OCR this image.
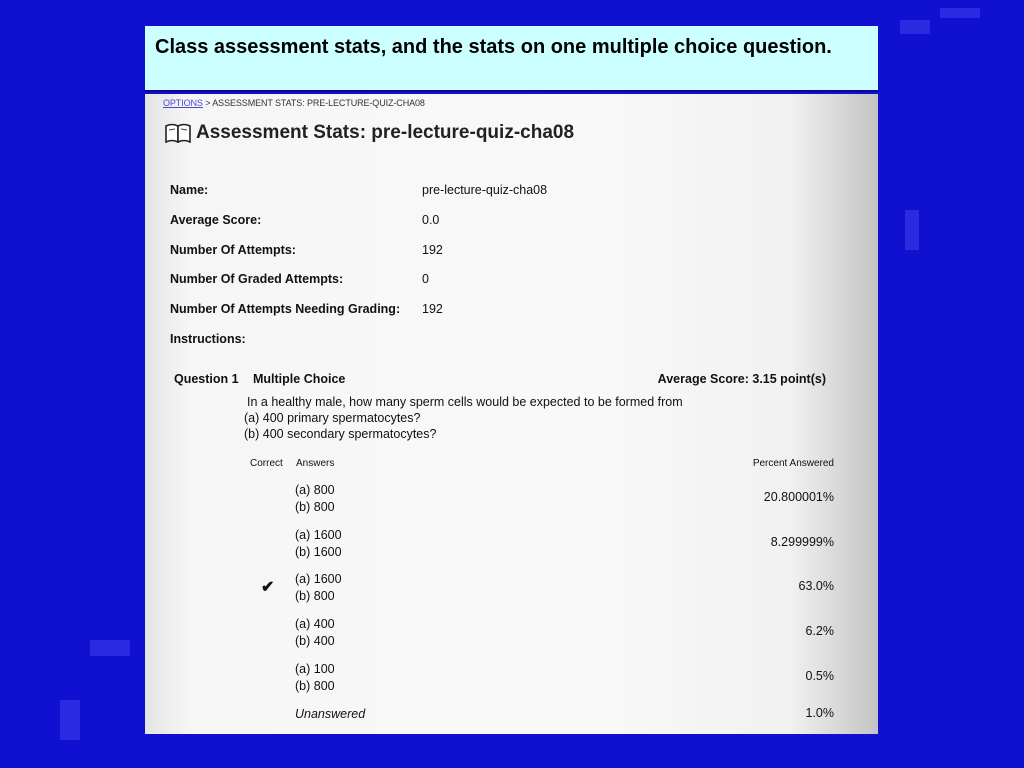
Class assessment stats, and the stats on one multiple choice question.
OPTIONS > ASSESSMENT STATS: PRE-LECTURE-QUIZ-CHA08
Assessment Stats: pre-lecture-quiz-cha08
Name:	pre-lecture-quiz-cha08
Average Score:	0.0
Number Of Attempts:	192
Number Of Graded Attempts:	0
Number Of Attempts Needing Grading: 192
Instructions:
Question 1 Multiple Choice	Average Score: 3.15 point(s)
In a healthy male, how many sperm cells would be expected to be formed from
(a) 400 primary spermatocytes?
(b) 400 secondary spermatocytes?
Correct Answers	Percent Answered
(a) 800
(b) 800
20.800001%
(a) 1600
(b) 1600
8.299999%
✔ (a) 1600
(b) 800
63.0%
(a) 400
(b) 400
6.2%
(a) 100
(b) 800
0.5%
Unanswered	1.0%
